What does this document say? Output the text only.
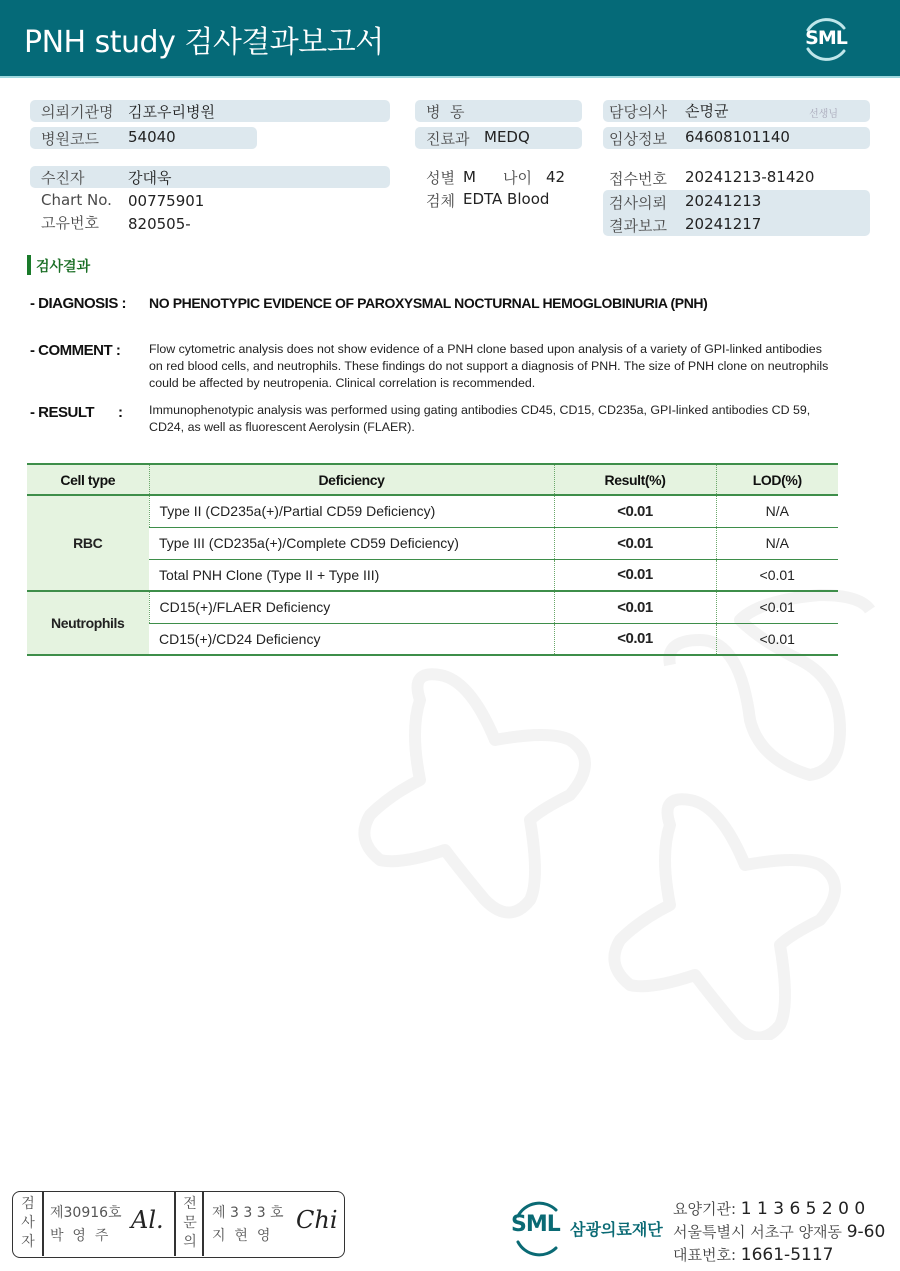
PNH study 검사결과보고서	SML
의뢰기관명 김포우리병원
병원코드 54040
수진자	강대욱
Chart No. 00775901
고유번호 820505-
병  동
진료과 MEDQ
성별 M 나이 42
검체 EDTA Blood
담당의사 손명균	선생님
임상정보 64608101140
접수번호 20241213-81420
검사의뢰 20241213
결과보고 20241217
검사결과
- DIAGNOSIS : NO PHENOTYPIC EVIDENCE OF PAROXYSMAL NOCTURNAL HEMOGLOBINURIA (PNH)
- COMMENT : Flow cytometric analysis does not show evidence of a PNH clone based upon analysis of a variety of GPI-linked antibodies on red blood cells, and neutrophils. These findings do not support a diagnosis of PNH. The size of PNH clone on neutrophils could be affected by neutropenia. Clinical correlation is recommended.
- RESULT : Immunophenotypic analysis was performed using gating antibodies CD45, CD15, CD235a, GPI-linked antibodies CD 59, CD24, as well as fluorescent Aerolysin (FLAER).
Cell type	Deficiency	Result(%)	LOD(%)
RBC	Type II (CD235a(+)/Partial CD59 Deficiency)	<0.01	N/A
	Type III (CD235a(+)/Complete CD59 Deficiency)	<0.01	N/A
	Total PNH Clone (Type II + Type III)	<0.01	<0.01
Neutrophils	CD15(+)/FLAER Deficiency	<0.01	<0.01
	CD15(+)/CD24 Deficiency	<0.01	<0.01
검
사
자
제30916호
박  영  주
Al.
전
문
의
제 3 3 3 호
지  현  영
Chi	SML 삼광의료재단
요양기관: 1 1 3 6 5 2 0 0
서울특별시 서초구 양재동 9-60
대표번호: 1661-5117
